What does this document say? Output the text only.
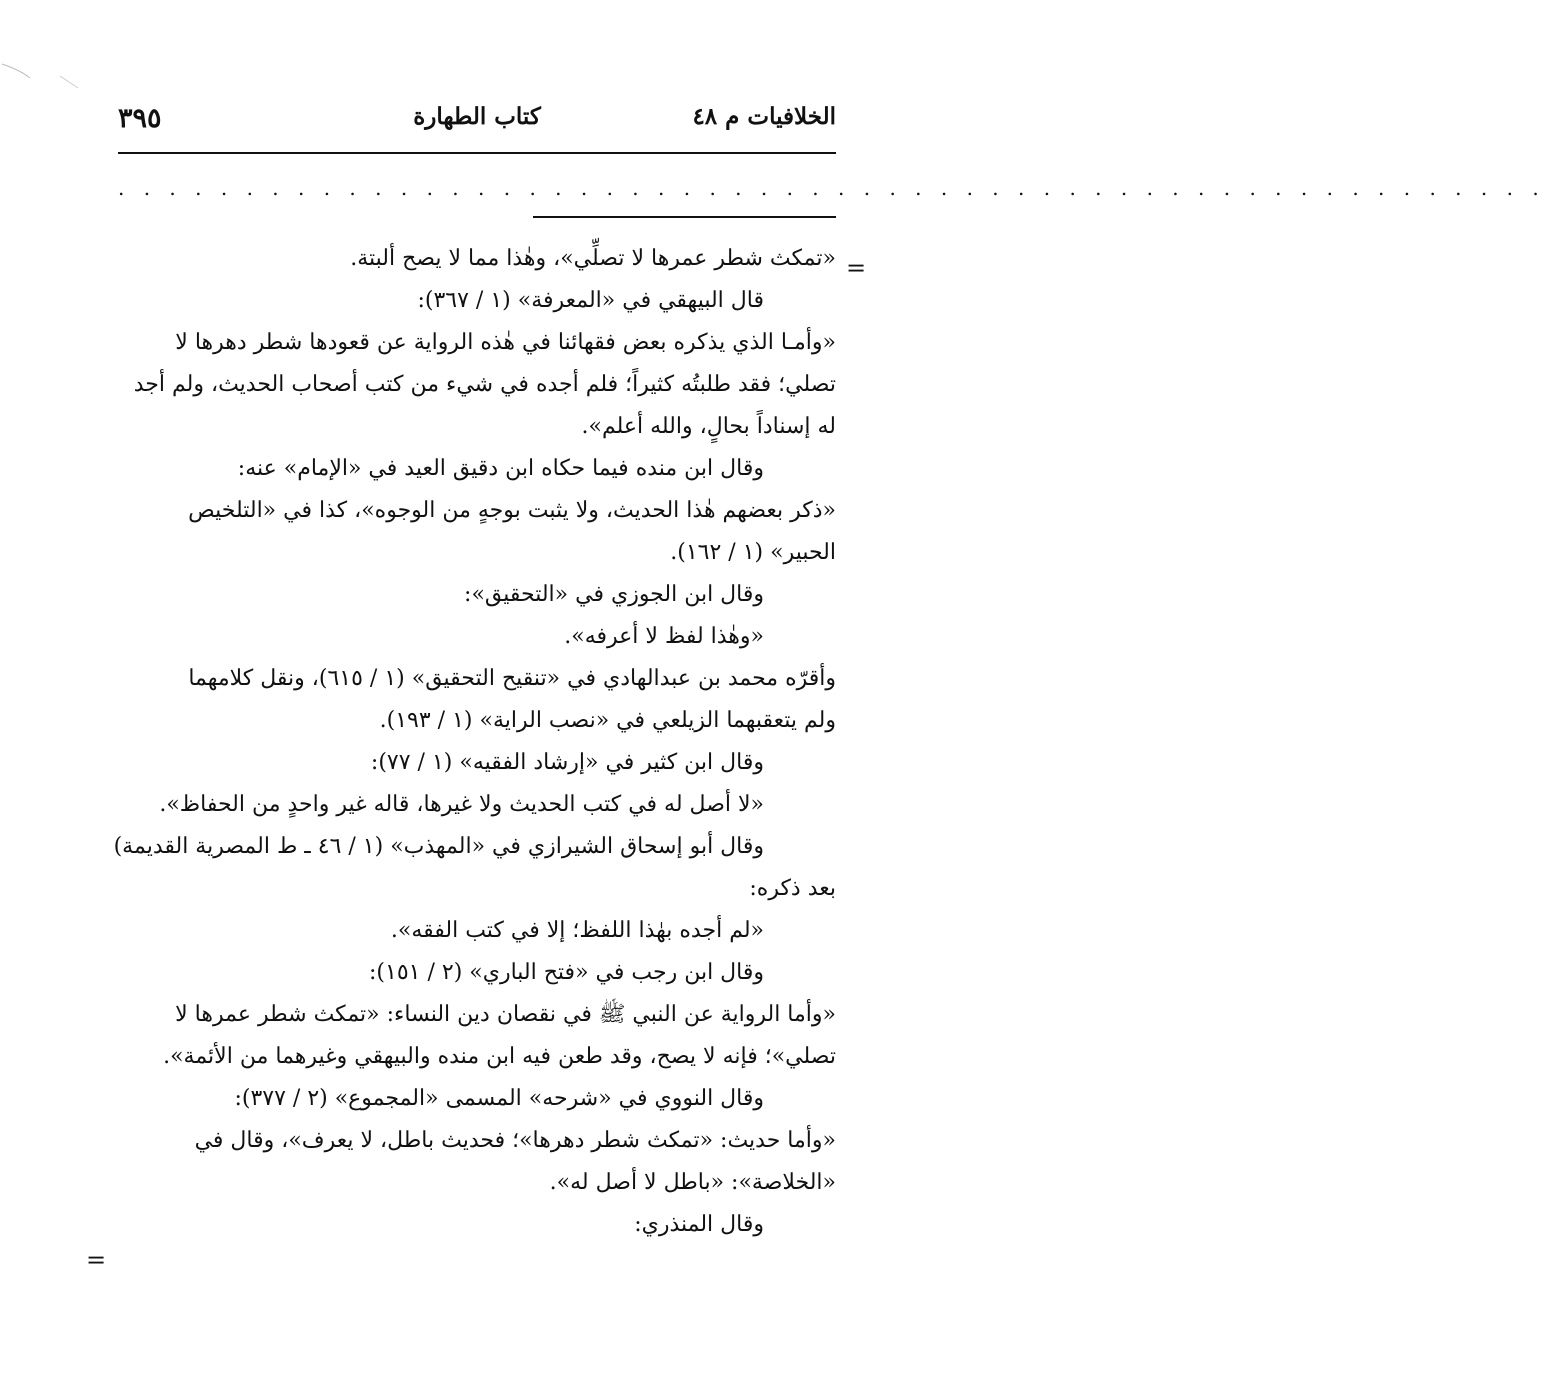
الخلافيات م ٤٨
كتاب الطهارة
٣٩٥
. . . . . . . . . . . . . . . . . . . . . . . . . . . . . . . . . . . . . . . . . . . . . . . . . . . . . . . .
=
=
«تمكث شطر عمرها لا تصلِّي»، وهٰذا مما لا يصح ألبتة.
قال البيهقي في «المعرفة» (١ / ٣٦٧):
«وأمـا الذي يذكره بعض فقهائنا في هٰذه الرواية عن قعودها شطر دهرها لا
تصلي؛ فقد طلبتُه كثيراً؛ فلم أجده في شيء من كتب أصحاب الحديث، ولم أجد
له إسناداً بحالٍ، والله أعلم».
وقال ابن منده فيما حكاه ابن دقيق العيد في «الإمام» عنه:
«ذكر بعضهم هٰذا الحديث، ولا يثبت بوجهٍ من الوجوه»، كذا في «التلخيص
الحبير» (١ / ١٦٢).
وقال ابن الجوزي في «التحقيق»:
«وهٰذا لفظ لا أعرفه».
وأقرّه محمد بن عبدالهادي في «تنقيح التحقيق» (١ / ٦١٥)، ونقل كلامهما
ولم يتعقبهما الزيلعي في «نصب الراية» (١ / ١٩٣).
وقال ابن كثير في «إرشاد الفقيه» (١ / ٧٧):
«لا أصل له في كتب الحديث ولا غيرها، قاله غير واحدٍ من الحفاظ».
وقال أبو إسحاق الشيرازي في «المهذب» (١ / ٤٦ ـ ط المصرية القديمة)
بعد ذكره:
«لم أجده بهٰذا اللفظ؛ إلا في كتب الفقه».
وقال ابن رجب في «فتح الباري» (٢ / ١٥١):
«وأما الرواية عن النبي ﷺ في نقصان دين النساء: «تمكث شطر عمرها لا
تصلي»؛ فإنه لا يصح، وقد طعن فيه ابن منده والبيهقي وغيرهما من الأئمة».
وقال النووي في «شرحه» المسمى «المجموع» (٢ / ٣٧٧):
«وأما حديث: «تمكث شطر دهرها»؛ فحديث باطل، لا يعرف»، وقال في
«الخلاصة»: «باطل لا أصل له».
وقال المنذري:
